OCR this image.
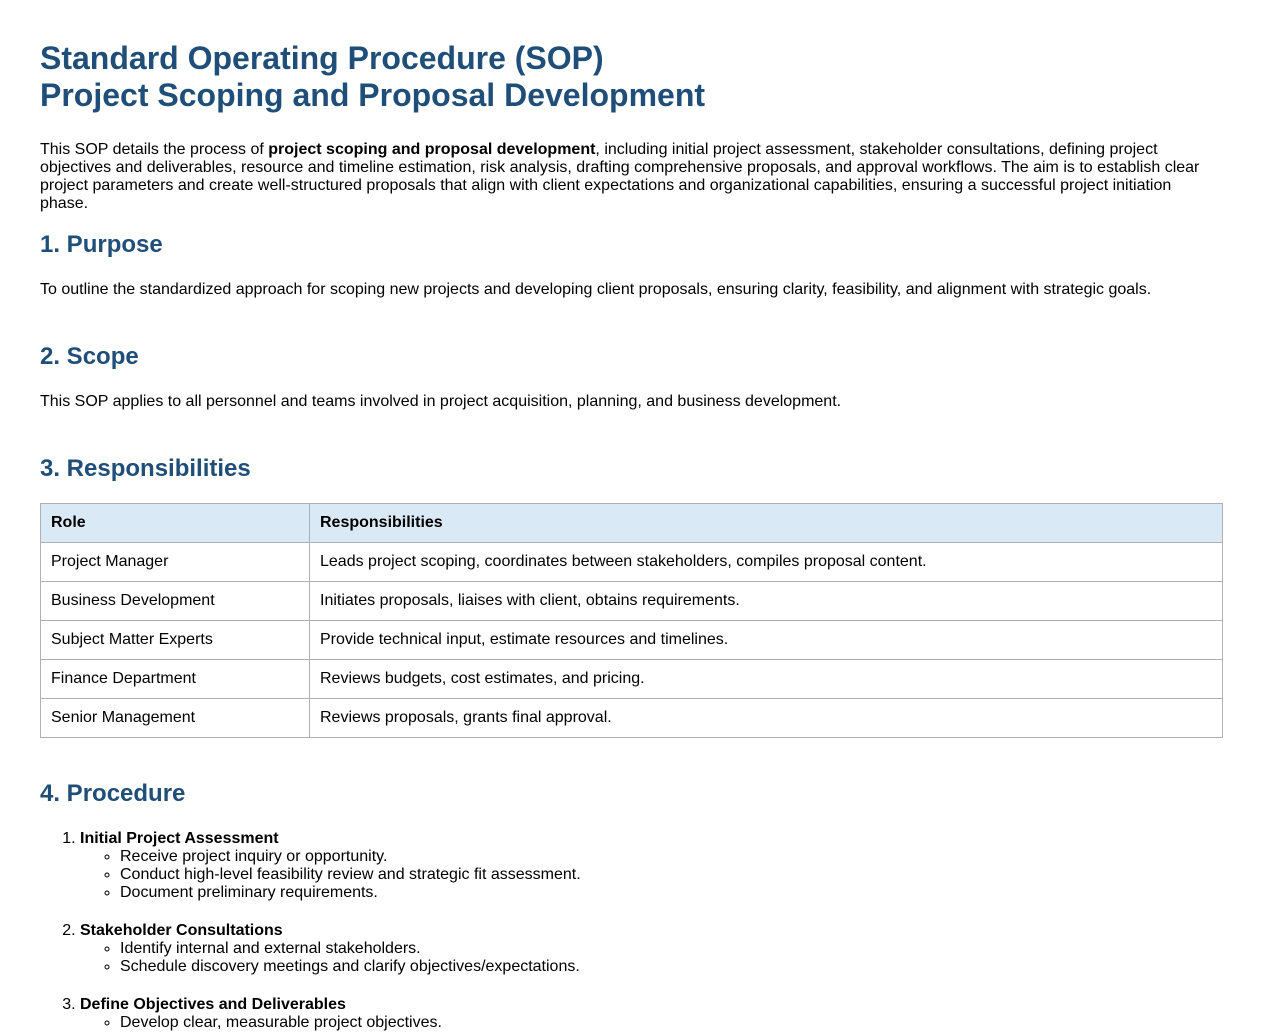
Standard Operating Procedure (SOP)
Project Scoping and Proposal Development

This SOP details the process of project scoping and proposal development, including initial project assessment, stakeholder consultations, defining project objectives and deliverables, resource and timeline estimation, risk analysis, drafting comprehensive proposals, and approval workflows. The aim is to establish clear project parameters and create well-structured proposals that align with client expectations and organizational capabilities, ensuring a successful project initiation phase.

1. Purpose

To outline the standardized approach for scoping new projects and developing client proposals, ensuring clarity, feasibility, and alignment with strategic goals.

2. Scope

This SOP applies to all personnel and teams involved in project acquisition, planning, and business development.

3. Responsibilities
Role	Responsibilities
Project Manager	Leads project scoping, coordinates between stakeholders, compiles proposal content.
Business Development	Initiates proposals, liaises with client, obtains requirements.
Subject Matter Experts	Provide technical input, estimate resources and timelines.
Finance Department	Reviews budgets, cost estimates, and pricing.
Senior Management	Reviews proposals, grants final approval.
4. Procedure
1. Initial Project Assessment
◦ Receive project inquiry or opportunity.
◦ Conduct high-level feasibility review and strategic fit assessment.
◦ Document preliminary requirements.
2. Stakeholder Consultations
◦ Identify internal and external stakeholders.
◦ Schedule discovery meetings and clarify objectives/expectations.
3. Define Objectives and Deliverables
◦ Develop clear, measurable project objectives.
